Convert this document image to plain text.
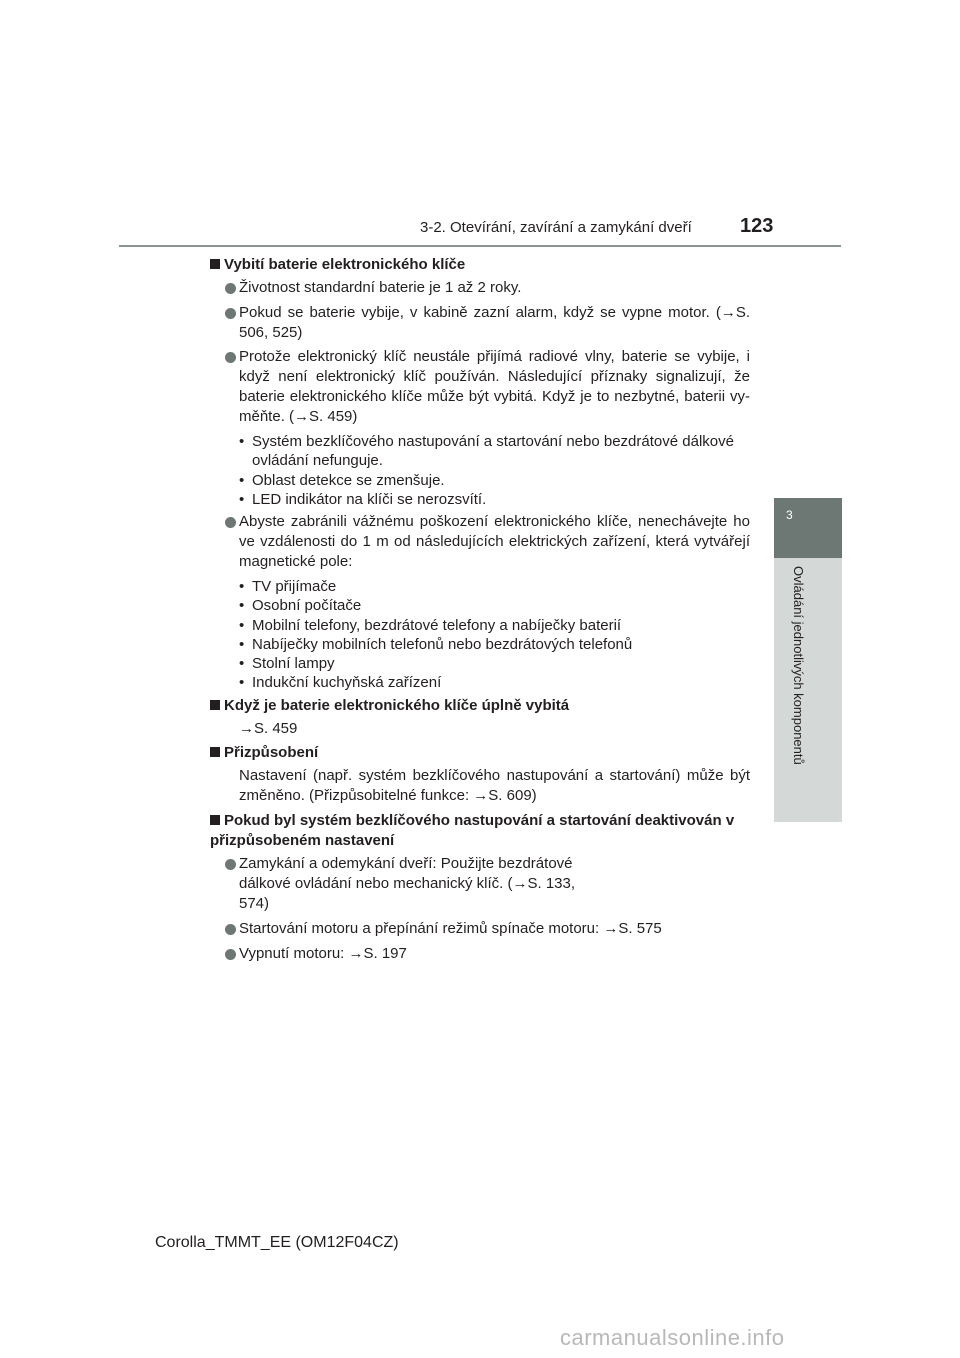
3-2. Otevírání, zavírání a zamykání dveří 123
3
Ovládání jednotlivých komponentů
Vybití baterie elektronického klíče
Životnost standardní baterie je 1 až 2 roky.
Pokud se baterie vybije, v kabině zazní alarm, když se vypne motor. (→S. 506, 525)
Protože elektronický klíč neustále přijímá radiové vlny, baterie se vybije, i když není elektronický klíč používán. Následující příznaky signalizují, že baterie elektronického klíče může být vybitá. Když je to nezbytné, baterii vy-měňte. (→S. 459)
• Systém bezklíčového nastupování a startování nebo bezdrátové dálkové ovládání nefunguje.
• Oblast detekce se zmenšuje.
• LED indikátor na klíči se nerozsvítí.
Abyste zabránili vážnému poškození elektronického klíče, nenechávejte ho ve vzdálenosti do 1 m od následujících elektrických zařízení, která vytvářejí magnetické pole:
• TV přijímače
• Osobní počítače
• Mobilní telefony, bezdrátové telefony a nabíječky baterií
• Nabíječky mobilních telefonů nebo bezdrátových telefonů
• Stolní lampy
• Indukční kuchyňská zařízení
Když je baterie elektronického klíče úplně vybitá
→S. 459
Přizpůsobení
Nastavení (např. systém bezklíčového nastupování a startování) může být změněno. (Přizpůsobitelné funkce: →S. 609)
Pokud byl systém bezklíčového nastupování a startování deaktivován v přizpůsobeném nastavení
Zamykání a odemykání dveří: Použijte bezdrátové dálkové ovládání nebo mechanický klíč. (→S. 133, 574)
Startování motoru a přepínání režimů spínače motoru: →S. 575
Vypnutí motoru: →S. 197
Corolla_TMMT_EE (OM12F04CZ)
carmanualsonline.info
